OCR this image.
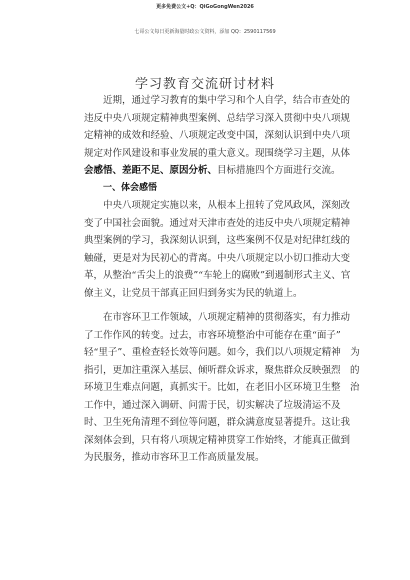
更多免费公文+Q：QiGoGongWen2026
七哥公文每日更新海量时政公文资料，添加 QQ：2590117569
学习教育交流研讨材料
近期，通过学习教育的集中学习和个人自学，结合市查处的
违反中央八项规定精神典型案例、总结学习深入贯彻中央八项规
定精神的成效和经验、八项规定改变中国，深刻认识到中央八项
规定对作风建设和事业发展的重大意义。现围绕学习主题，从体
会感悟、差距不足、原因分析、目标措施四个方面进行交流。
一、体会感悟
中央八项规定实施以来，从根本上扭转了党风政风，深刻改
变了中国社会面貌。通过对天津市查处的违反中央八项规定精神
典型案例的学习，我深刻认识到，这些案例不仅是对纪律红线的
触碰，更是对为民初心的背离。中央八项规定以小切口推动大变
革，从整治“舌尖上的浪费”“车轮上的腐败”到遏制形式主义、官
僚主义，让党员干部真正回归到务实为民的轨道上。
在市容环卫工作领域，八项规定精神的贯彻落实，有力推动
了工作作风的转变。过去，市容环境整治中可能存在重“面子”
轻“里子”、重检查轻长效等问题。如今，我们以八项规定精神　为
指引，更加注重深入基层、倾听群众诉求，聚焦群众反映强烈　的
环境卫生难点问题，真抓实干。比如，在老旧小区环境卫生整　治
工作中，通过深入调研、问需于民，切实解决了垃圾清运不及
时、卫生死角清理不到位等问题，群众满意度显著提升。这让我
深刻体会到，只有将八项规定精神贯穿工作始终，才能真正做到
为民服务，推动市容环卫工作高质量发展。
